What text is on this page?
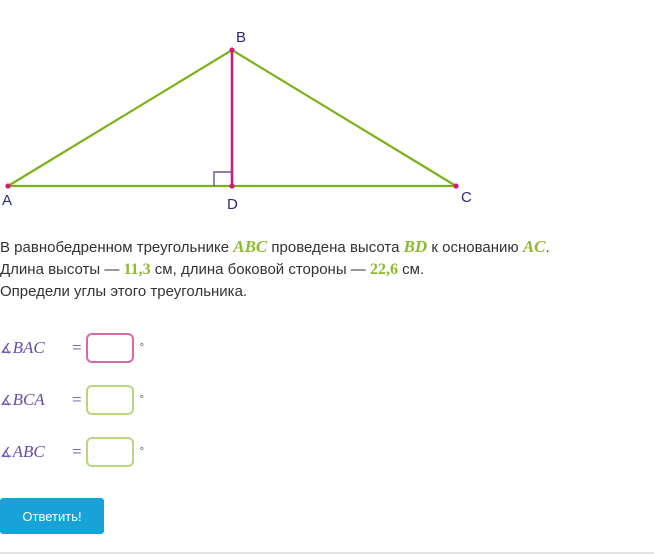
A
B
C
D
В равнобедренном треугольнике ABC проведена высота BD к основанию AC.
Длина высоты — 11,3 см, длина боковой стороны — 22,6 см.
Определи углы этого треугольника.
∡BAC	=	°
∡BCA	=	°
∡ABC	=	°
Ответить!
